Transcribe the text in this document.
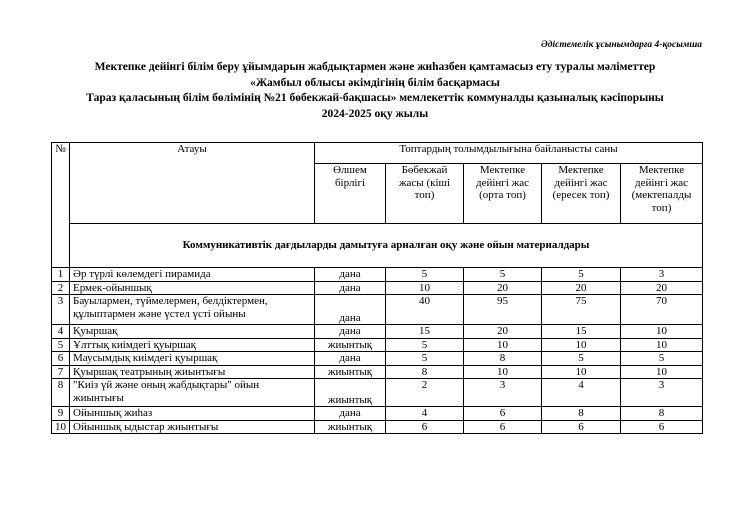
Әдістемелік ұсынымдарға 4-қосымша
Мектепке дейінгі білім беру ұйымдарын жабдықтармен және жиһазбен қамтамасыз ету туралы мәліметтер
«Жамбыл облысы әкімдігінің білім басқармасы
Тараз қаласының білім бөлімінің №21 бөбекжай-бақшасы» мемлекеттік коммуналды қазыналық кәсіпорыны
2024-2025 оқу жылы
№	Атауы	Топтардың толымдылығына байланысты саны				
		Өлшем бірлігі	Бөбекжай жасы (кіші топ)	Мектепке дейінгі жас (орта топ)	Мектепке дейінгі жас (ересек топ)	Мектепке дейінгі жас (мектепалды топ)
	Коммуникативтік дағдыларды дамытуға арналған оқу және ойын материалдары					
1	Әр түрлі көлемдегі пирамида	дана	5	5	5	3
2	Ермек-ойыншық	дана	10	20	20	20
3	Бауылармен, түймелермен, белдіктермен, құлыптармен және үстел үсті ойыны	дана	40	95	75	70
4	Қуыршақ	дана	15	20	15	10
5	Ұлттық киімдегі қуыршақ	жиынтық	5	10	10	10
6	Маусымдық киімдегі қуыршақ	дана	5	8	5	5
7	Қуыршақ театрының жиынтығы	жиынтық	8	10	10	10
8	"Киіз үй және оның жабдықтары" ойын жиынтығы	жиынтық	2	3	4	3
9	Ойыншық жиһаз	дана	4	6	8	8
10	Ойыншық ыдыстар жиынтығы	жиынтық	6	6	6	6
